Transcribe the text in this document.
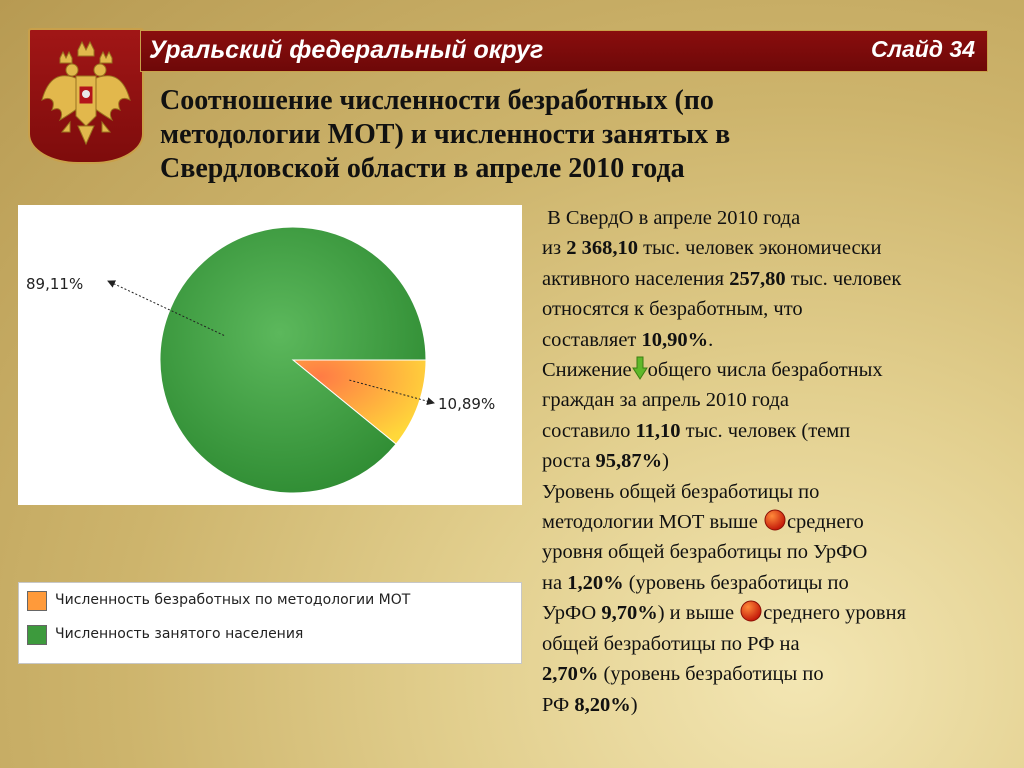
Уральский федеральный округ	Слайд 34
Соотношение численности безработных (по
методологии МОТ) и численности занятых в
Свердловской области в апреле 2010 года
10,89%
89,11%
Численность безработных по методологии МОТ
Численность занятого населения

В СвердО в апреле 2010 года

из 2 368,10 тыс. человек экономически

активного населения 257,80 тыс. человек

относятся к безработным, что

составляет 10,90%.

Снижение общего числа безработных

граждан за апрель 2010 года

составило 11,10 тыс. человек (темп

роста 95,87%)

Уровень общей безработицы по

методологии МОТ выше среднего

уровня общей безработицы по УрФО

на 1,20% (уровень безработицы по

УрФО 9,70%) и выше среднего уровня

общей безработицы по РФ на

2,70% (уровень безработицы по

РФ 8,20%)
